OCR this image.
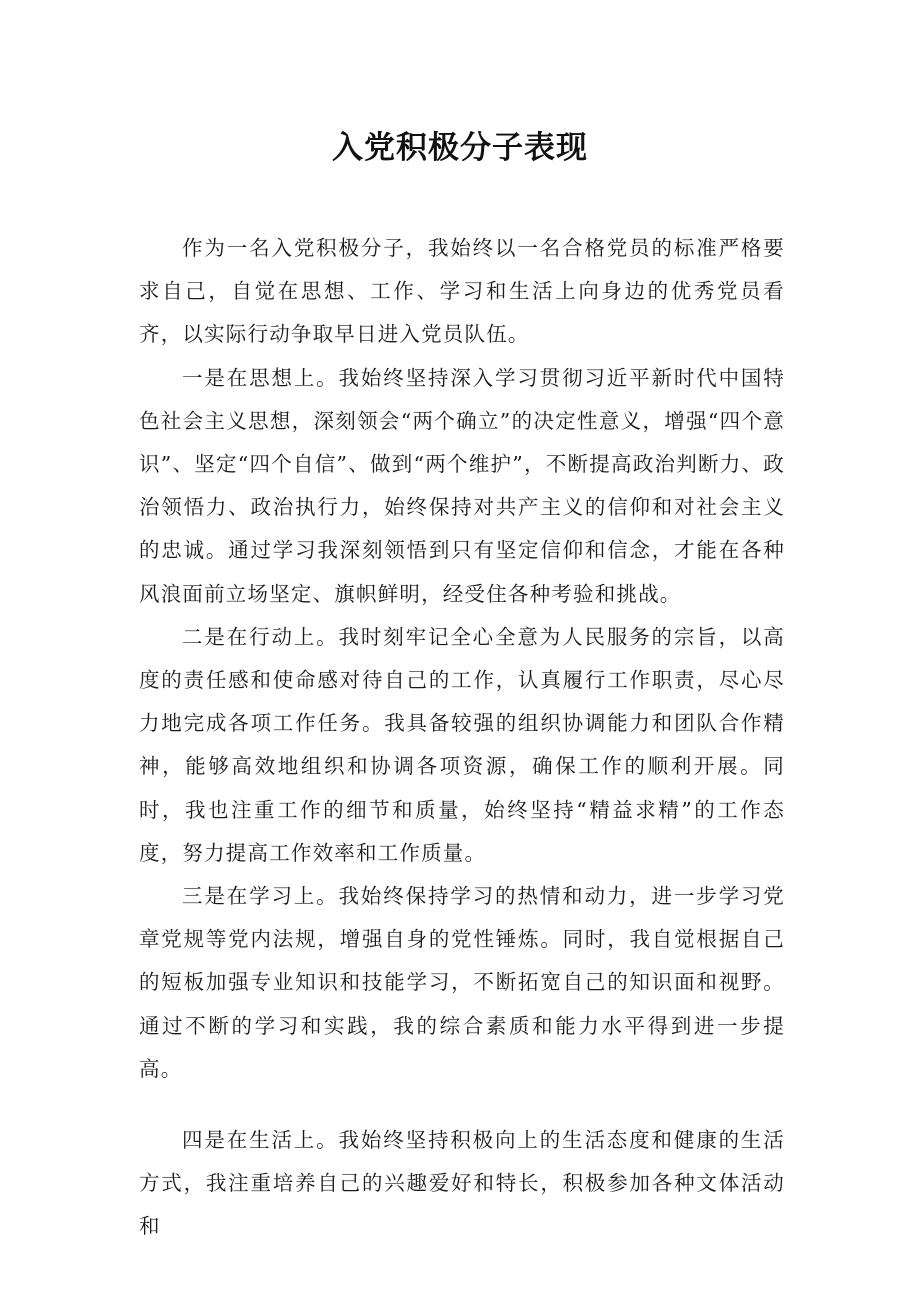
入党积极分子表现

作为一名入党积极分子，我始终以一名合格党员的标准严格要求自己，自觉在思想、工作、学习和生活上向身边的优秀党员看齐，以实际行动争取早日进入党员队伍。

一是在思想上。我始终坚持深入学习贯彻习近平新时代中国特色社会主义思想，深刻领会“两个确立”的决定性意义，增强“四个意识”、坚定“四个自信”、做到“两个维护”，不断提高政治判断力、政治领悟力、政治执行力，始终保持对共产主义的信仰和对社会主义的忠诚。通过学习我深刻领悟到只有坚定信仰和信念，才能在各种风浪面前立场坚定、旗帜鲜明，经受住各种考验和挑战。

二是在行动上。我时刻牢记全心全意为人民服务的宗旨，以高度的责任感和使命感对待自己的工作，认真履行工作职责，尽心尽力地完成各项工作任务。我具备较强的组织协调能力和团队合作精神，能够高效地组织和协调各项资源，确保工作的顺利开展。同时，我也注重工作的细节和质量，始终坚持“精益求精”的工作态度，努力提高工作效率和工作质量。

三是在学习上。我始终保持学习的热情和动力，进一步学习党章党规等党内法规，增强自身的党性锤炼。同时，我自觉根据自己的短板加强专业知识和技能学习，不断拓宽自己的知识面和视野。通过不断的学习和实践，我的综合素质和能力水平得到进一步提高。

四是在生活上。我始终坚持积极向上的生活态度和健康的生活方式，我注重培养自己的兴趣爱好和特长，积极参加各种文体活动和
